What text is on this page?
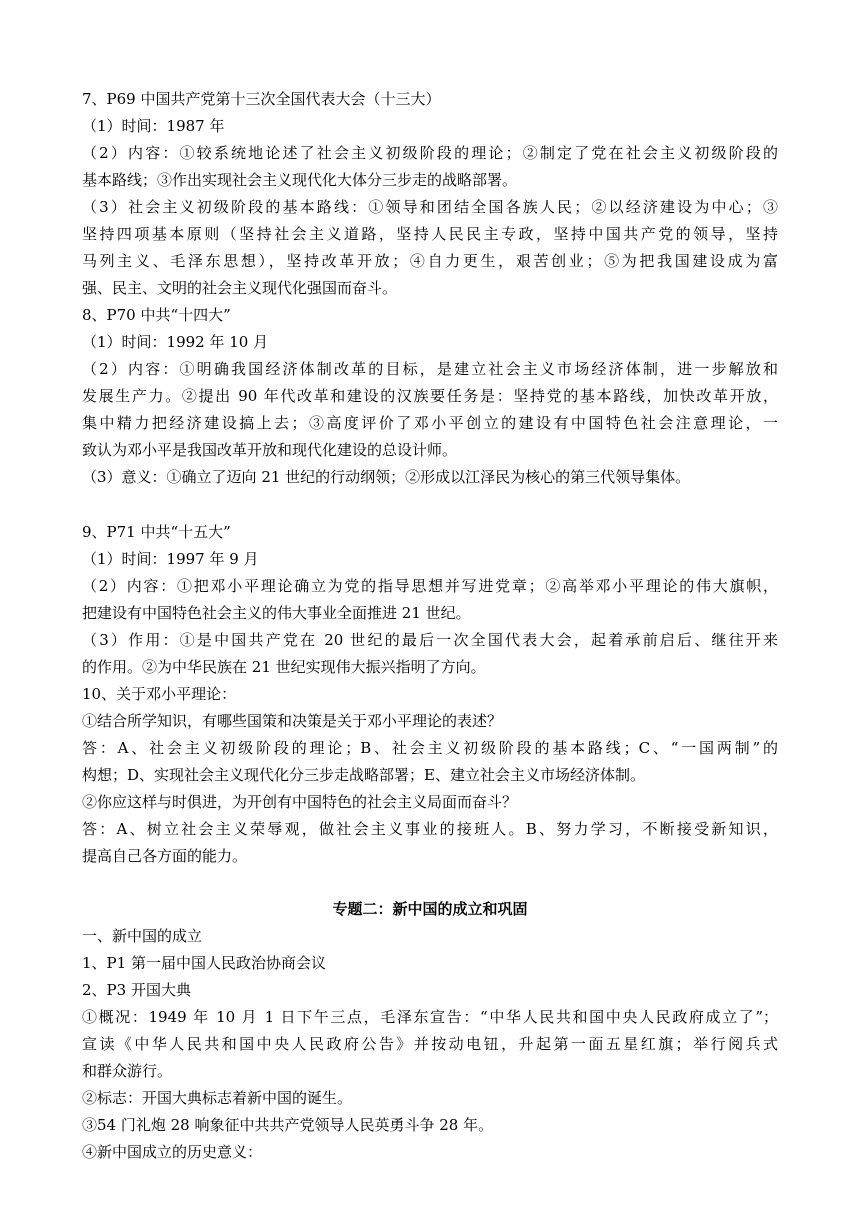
7、P69 中国共产党第十三次全国代表大会（十三大）
（1）时间：1987 年
（2）内容：①较系统地论述了社会主义初级阶段的理论；②制定了党在社会主义初级阶段的
基本路线；③作出实现社会主义现代化大体分三步走的战略部署。
（3）社会主义初级阶段的基本路线：①领导和团结全国各族人民；②以经济建设为中心；③
坚持四项基本原则（坚持社会主义道路，坚持人民民主专政，坚持中国共产党的领导，坚持
马列主义、毛泽东思想），坚持改革开放；④自力更生，艰苦创业；⑤为把我国建设成为富
强、民主、文明的社会主义现代化强国而奋斗。
8、P70 中共“十四大”
（1）时间：1992 年 10 月
（2）内容：①明确我国经济体制改革的目标，是建立社会主义市场经济体制，进一步解放和
发展生产力。②提出 90 年代改革和建设的汉族要任务是：坚持党的基本路线，加快改革开放，
集中精力把经济建设搞上去；③高度评价了邓小平创立的建设有中国特色社会注意理论，一
致认为邓小平是我国改革开放和现代化建设的总设计师。
（3）意义：①确立了迈向 21 世纪的行动纲领；②形成以江泽民为核心的第三代领导集体。
9、P71 中共“十五大”
（1）时间：1997 年 9 月
（2）内容：①把邓小平理论确立为党的指导思想并写进党章；②高举邓小平理论的伟大旗帜，
把建设有中国特色社会主义的伟大事业全面推进 21 世纪。
（3）作用：①是中国共产党在 20 世纪的最后一次全国代表大会，起着承前启后、继往开来
的作用。②为中华民族在 21 世纪实现伟大振兴指明了方向。
10、关于邓小平理论：
①结合所学知识，有哪些国策和决策是关于邓小平理论的表述？
答：A、社会主义初级阶段的理论；B、社会主义初级阶段的基本路线；C、“一国两制”的
构想；D、实现社会主义现代化分三步走战略部署；E、建立社会主义市场经济体制。
②你应这样与时俱进，为开创有中国特色的社会主义局面而奋斗？
答：A、树立社会主义荣辱观，做社会主义事业的接班人。B、努力学习，不断接受新知识，
提高自己各方面的能力。
专题二：新中国的成立和巩固
一、新中国的成立
1、P1 第一届中国人民政治协商会议
2、P3 开国大典
①概况：1949 年 10 月 1 日下午三点，毛泽东宣告：“中华人民共和国中央人民政府成立了”；
宣读《中华人民共和国中央人民政府公告》并按动电钮，升起第一面五星红旗；举行阅兵式
和群众游行。
②标志：开国大典标志着新中国的诞生。
③54 门礼炮 28 响象征中共共产党领导人民英勇斗争 28 年。
④新中国成立的历史意义：
